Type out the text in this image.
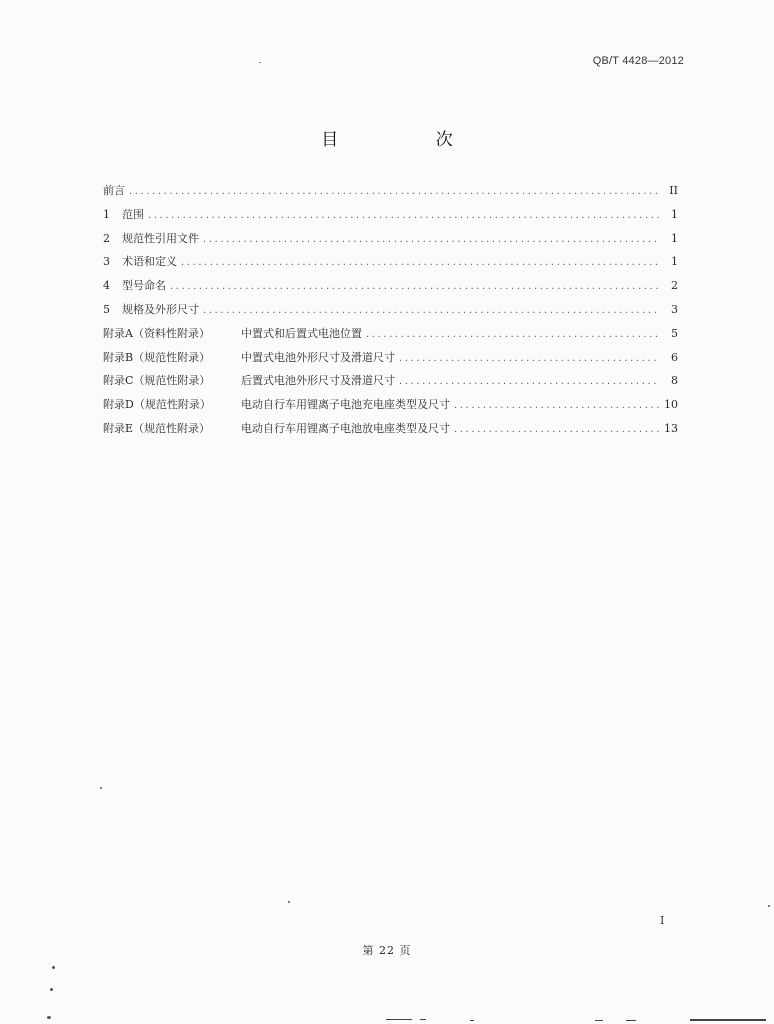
QB/T 4428—2012
目 次
前言 .....	II
1 范围 .....	1
2 规范性引用文件 .....	1
3 术语和定义 .....	1
4 型号命名 .....	2
5 规格及外形尺寸 .....	3
附录A（资料性附录）	中置式和后置式电池位置 .....	5
附录B（规范性附录）	中置式电池外形尺寸及滑道尺寸 .....	6
附录C（规范性附录）	后置式电池外形尺寸及滑道尺寸 .....	8
附录D（规范性附录）	电动自行车用锂离子电池充电座类型及尺寸 .....	10
附录E（规范性附录）	电动自行车用锂离子电池放电座类型及尺寸 .....	13
I
第 22 页
